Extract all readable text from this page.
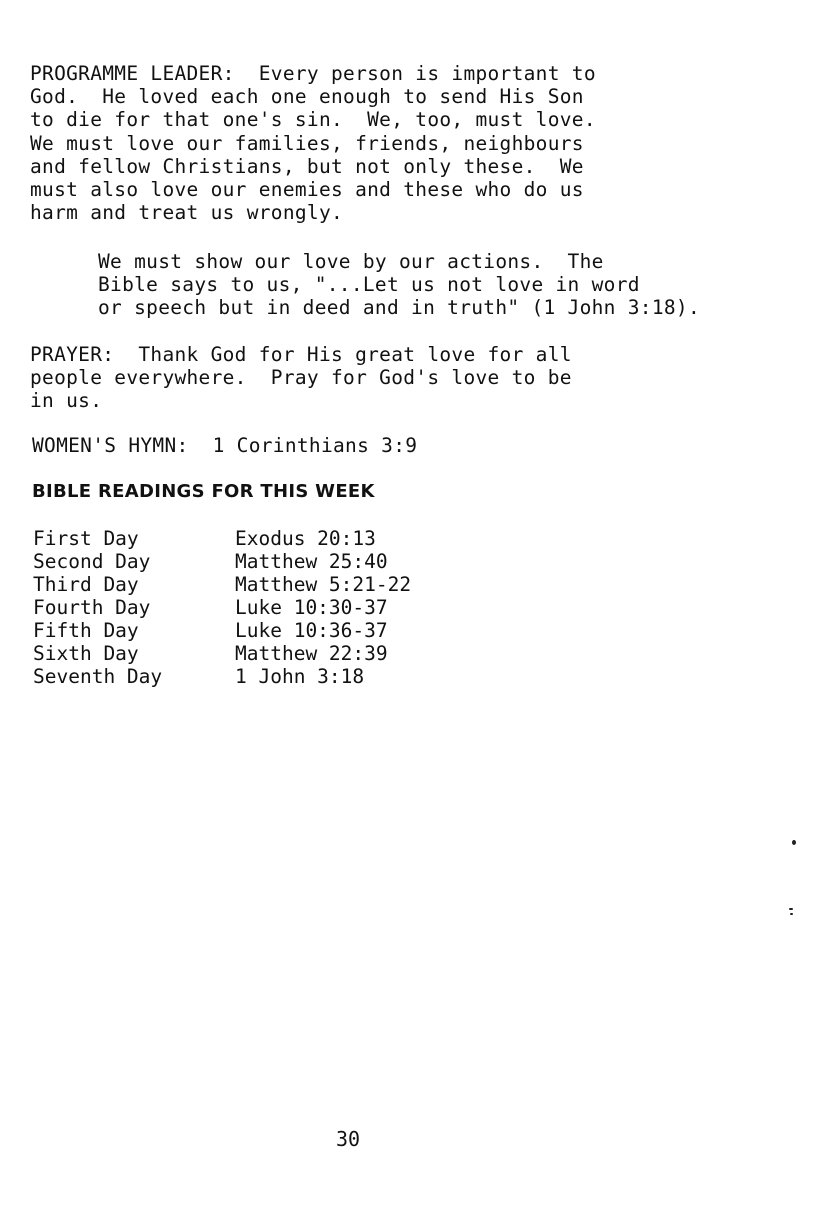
PROGRAMME LEADER:  Every person is important to
God.  He loved each one enough to send His Son
to die for that one's sin.  We, too, must love.
We must love our families, friends, neighbours
and fellow Christians, but not only these.  We
must also love our enemies and these who do us
harm and treat us wrongly.
We must show our love by our actions.  The
Bible says to us, "...Let us not love in word
or speech but in deed and in truth" (1 John 3:18).
PRAYER:  Thank God for His great love for all
people everywhere.  Pray for God's love to be
in us.
WOMEN'S HYMN:  1 Corinthians 3:9
BIBLE READINGS FOR THIS WEEK
First Day	Exodus 20:13
Second Day	Matthew 25:40
Third Day	Matthew 5:21-22
Fourth Day	Luke 10:30-37
Fifth Day	Luke 10:36-37
Sixth Day	Matthew 22:39
Seventh Day	1 John 3:18
30
